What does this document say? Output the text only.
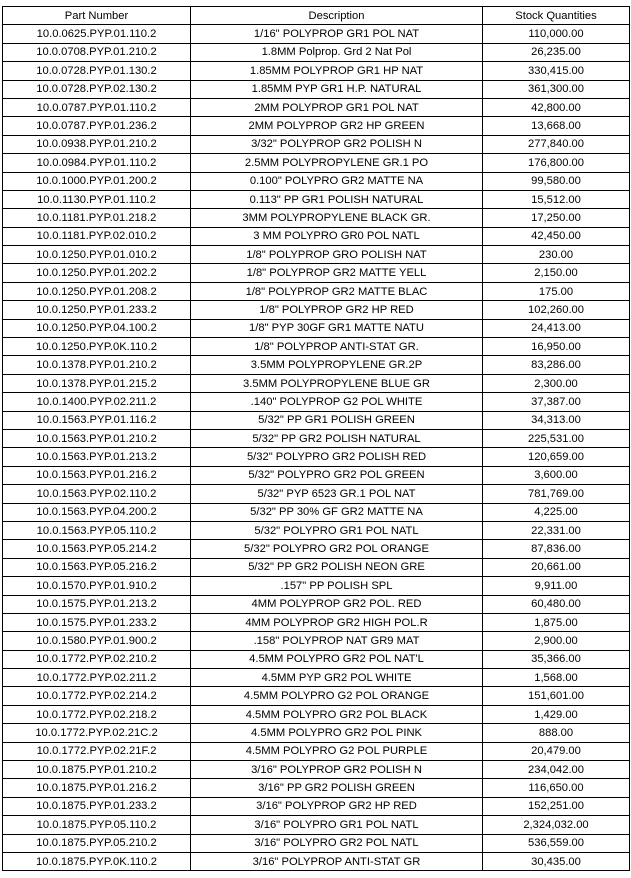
Part Number	Description	Stock Quantities
10.0.0625.PYP.01.110.2	1/16" POLYPROP GR1 POL NAT	110,000.00
10.0.0708.PYP.01.210.2	1.8MM Polprop. Grd 2 Nat Pol	26,235.00
10.0.0728.PYP.01.130.2	1.85MM POLYPROP GR1 HP NAT	330,415.00
10.0.0728.PYP.02.130.2	1.85MM PYP GR1 H.P. NATURAL	361,300.00
10.0.0787.PYP.01.110.2	2MM POLYPROP GR1 POL NAT	42,800.00
10.0.0787.PYP.01.236.2	2MM POLYPROP GR2 HP GREEN	13,668.00
10.0.0938.PYP.01.210.2	3/32" POLYPROP GR2 POLISH N	277,840.00
10.0.0984.PYP.01.110.2	2.5MM POLYPROPYLENE GR.1 PO	176,800.00
10.0.1000.PYP.01.200.2	0.100" POLYPRO GR2 MATTE NA	99,580.00
10.0.1130.PYP.01.110.2	0.113" PP GR1 POLISH NATURAL	15,512.00
10.0.1181.PYP.01.218.2	3MM POLYPROPYLENE BLACK GR.	17,250.00
10.0.1181.PYP.02.010.2	3 MM POLYPRO GR0 POL NATL	42,450.00
10.0.1250.PYP.01.010.2	1/8" POLYPROP GRO POLISH NAT	230.00
10.0.1250.PYP.01.202.2	1/8" POLYPROP GR2 MATTE YELL	2,150.00
10.0.1250.PYP.01.208.2	1/8" POLYPROP GR2 MATTE BLAC	175.00
10.0.1250.PYP.01.233.2	1/8" POLYPROP GR2 HP RED	102,260.00
10.0.1250.PYP.04.100.2	1/8" PYP 30GF GR1 MATTE NATU	24,413.00
10.0.1250.PYP.0K.110.2	1/8" POLYPROP ANTI-STAT GR.	16,950.00
10.0.1378.PYP.01.210.2	3.5MM POLYPROPYLENE GR.2P	83,286.00
10.0.1378.PYP.01.215.2	3.5MM POLYPROPYLENE BLUE GR	2,300.00
10.0.1400.PYP.02.211.2	.140" POLYPROP G2 POL WHITE	37,387.00
10.0.1563.PYP.01.116.2	5/32" PP GR1 POLISH GREEN	34,313.00
10.0.1563.PYP.01.210.2	5/32" PP GR2 POLISH NATURAL	225,531.00
10.0.1563.PYP.01.213.2	5/32" POLYPRO GR2 POLISH RED	120,659.00
10.0.1563.PYP.01.216.2	5/32" POLYPRO GR2 POL GREEN	3,600.00
10.0.1563.PYP.02.110.2	5/32" PYP 6523 GR.1 POL NAT	781,769.00
10.0.1563.PYP.04.200.2	5/32" PP 30% GF GR2 MATTE NA	4,225.00
10.0.1563.PYP.05.110.2	5/32" POLYPRO GR1 POL NATL	22,331.00
10.0.1563.PYP.05.214.2	5/32" POLYPRO GR2 POL ORANGE	87,836.00
10.0.1563.PYP.05.216.2	5/32" PP GR2 POLISH NEON GRE	20,661.00
10.0.1570.PYP.01.910.2	.157" PP POLISH SPL	9,911.00
10.0.1575.PYP.01.213.2	4MM POLYPROP GR2 POL. RED	60,480.00
10.0.1575.PYP.01.233.2	4MM POLYPROP GR2 HIGH POL.R	1,875.00
10.0.1580.PYP.01.900.2	.158" POLYPROP NAT GR9 MAT	2,900.00
10.0.1772.PYP.02.210.2	4.5MM POLYPRO GR2 POL NAT'L	35,366.00
10.0.1772.PYP.02.211.2	4.5MM PYP GR2 POL WHITE	1,568.00
10.0.1772.PYP.02.214.2	4.5MM POLYPRO G2 POL ORANGE	151,601.00
10.0.1772.PYP.02.218.2	4.5MM POLYPRO GR2 POL BLACK	1,429.00
10.0.1772.PYP.02.21C.2	4.5MM POLYPRO GR2 POL PINK	888.00
10.0.1772.PYP.02.21F.2	4.5MM POLYPRO G2 POL PURPLE	20,479.00
10.0.1875.PYP.01.210.2	3/16" POLYPROP GR2 POLISH N	234,042.00
10.0.1875.PYP.01.216.2	3/16" PP GR2 POLISH GREEN	116,650.00
10.0.1875.PYP.01.233.2	3/16" POLYPROP GR2 HP RED	152,251.00
10.0.1875.PYP.05.110.2	3/16" POLYPRO GR1 POL NATL	2,324,032.00
10.0.1875.PYP.05.210.2	3/16" POLYPRO GR2 POL NATL	536,559.00
10.0.1875.PYP.0K.110.2	3/16" POLYPROP ANTI-STAT GR	30,435.00
